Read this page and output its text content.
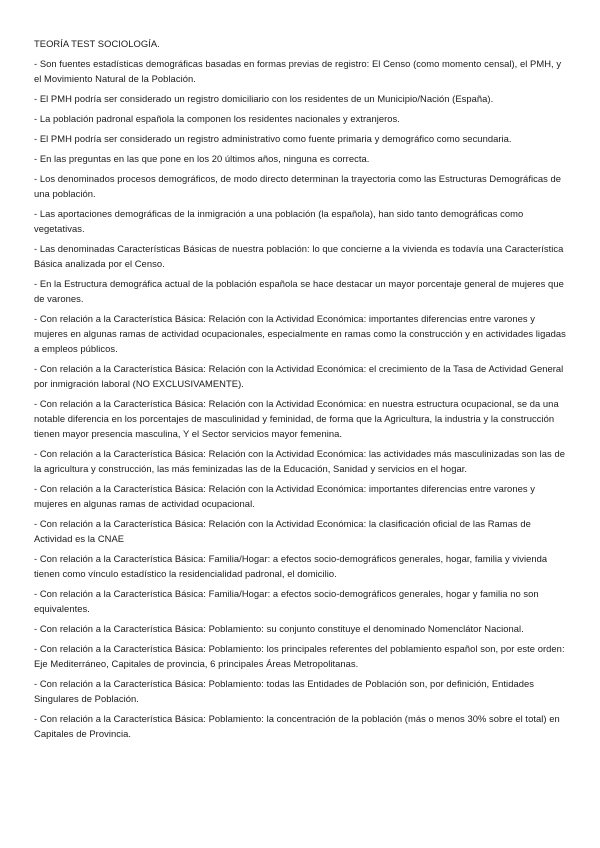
TEORÍA TEST SOCIOLOGÍA.
- Son fuentes estadísticas demográficas basadas en formas previas de registro: El Censo (como momento censal), el PMH, y el Movimiento Natural de la Población.
- El PMH podría ser considerado un registro domiciliario con los residentes de un Municipio/Nación (España).
- La población padronal española la componen los residentes nacionales y extranjeros.
- El PMH podría ser considerado un registro administrativo como fuente primaria y demográfico como secundaria.
- En las preguntas en las que pone en los 20 últimos años, ninguna es correcta.
- Los denominados procesos demográficos, de modo directo determinan la trayectoria como las Estructuras Demográficas de una población.
- Las aportaciones demográficas de la inmigración a una población (la española), han sido tanto demográficas como vegetativas.
- Las denominadas Características Básicas de nuestra población: lo que concierne a la vivienda es todavía una Característica Básica analizada por el Censo.
- En la Estructura demográfica actual de la población española se hace destacar un mayor porcentaje general de mujeres que de varones.
- Con relación a la Característica Básica: Relación con la Actividad Económica: importantes diferencias entre varones y mujeres en algunas ramas de actividad ocupacionales, especialmente en ramas como la construcción y en actividades ligadas a empleos públicos.
- Con relación a la Característica Básica: Relación con la Actividad Económica: el crecimiento de la Tasa de Actividad General por inmigración laboral (NO EXCLUSIVAMENTE).
- Con relación a la Característica Básica: Relación con la Actividad Económica: en nuestra estructura ocupacional, se da una notable diferencia en los porcentajes de masculinidad y feminidad, de forma que la Agricultura, la industria y la construcción tienen mayor presencia masculina, Y el Sector servicios mayor femenina.
- Con relación a la Característica Básica: Relación con la Actividad Económica: las actividades más masculinizadas son las de la agricultura y construcción, las más feminizadas las de la Educación, Sanidad y servicios en el hogar.
- Con relación a la Característica Básica: Relación con la Actividad Económica: importantes diferencias entre varones y mujeres en algunas ramas de actividad ocupacional.
- Con relación a la Característica Básica: Relación con la Actividad Económica: la clasificación oficial de las Ramas de Actividad es la CNAE
- Con relación a la Característica Básica: Familia/Hogar: a efectos socio-demográficos generales, hogar, familia y vivienda tienen como vínculo estadístico la residencialidad padronal, el domicilio.
- Con relación a la Característica Básica: Familia/Hogar: a efectos socio-demográficos generales, hogar y familia no son equivalentes.
- Con relación a la Característica Básica: Poblamiento: su conjunto constituye el denominado Nomenclátor Nacional.
- Con relación a la Característica Básica: Poblamiento: los principales referentes del poblamiento español son, por este orden: Eje Mediterráneo, Capitales de provincia, 6 principales Áreas Metropolitanas.
- Con relación a la Característica Básica: Poblamiento: todas las Entidades de Población son, por definición, Entidades Singulares de Población.
- Con relación a la Característica Básica: Poblamiento: la concentración de la población (más o menos 30% sobre el total) en Capitales de Provincia.
